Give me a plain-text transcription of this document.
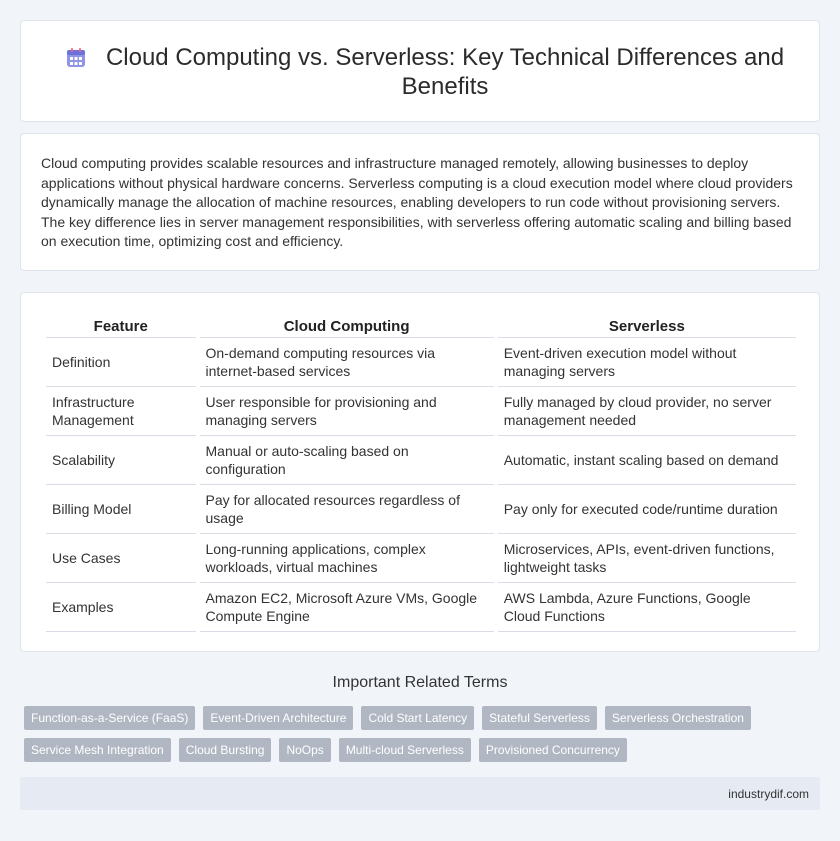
Cloud Computing vs. Serverless: Key Technical Differences and Benefits

Cloud computing provides scalable resources and infrastructure managed remotely, allowing businesses to deploy applications without physical hardware concerns. Serverless computing is a cloud execution model where cloud providers dynamically manage the allocation of machine resources, enabling developers to run code without provisioning servers. The key difference lies in server management responsibilities, with serverless offering automatic scaling and billing based on execution time, optimizing cost and efficiency.

Feature	Cloud Computing	Serverless
Definition	On-demand computing resources via internet-based services	Event-driven execution model without managing servers
Infrastructure Management	User responsible for provisioning and managing servers	Fully managed by cloud provider, no server management needed
Scalability	Manual or auto-scaling based on configuration	Automatic, instant scaling based on demand
Billing Model	Pay for allocated resources regardless of usage	Pay only for executed code/runtime duration
Use Cases	Long-running applications, complex workloads, virtual machines	Microservices, APIs, event-driven functions, lightweight tasks
Examples	Amazon EC2, Microsoft Azure VMs, Google Compute Engine	AWS Lambda, Azure Functions, Google Cloud Functions
Important Related Terms
Function-as-a-Service (FaaS)	Event-Driven Architecture	Cold Start Latency	Stateful Serverless	Serverless Orchestration
Service Mesh Integration	Cloud Bursting	NoOps	Multi-cloud Serverless	Provisioned Concurrency
industrydif.com
